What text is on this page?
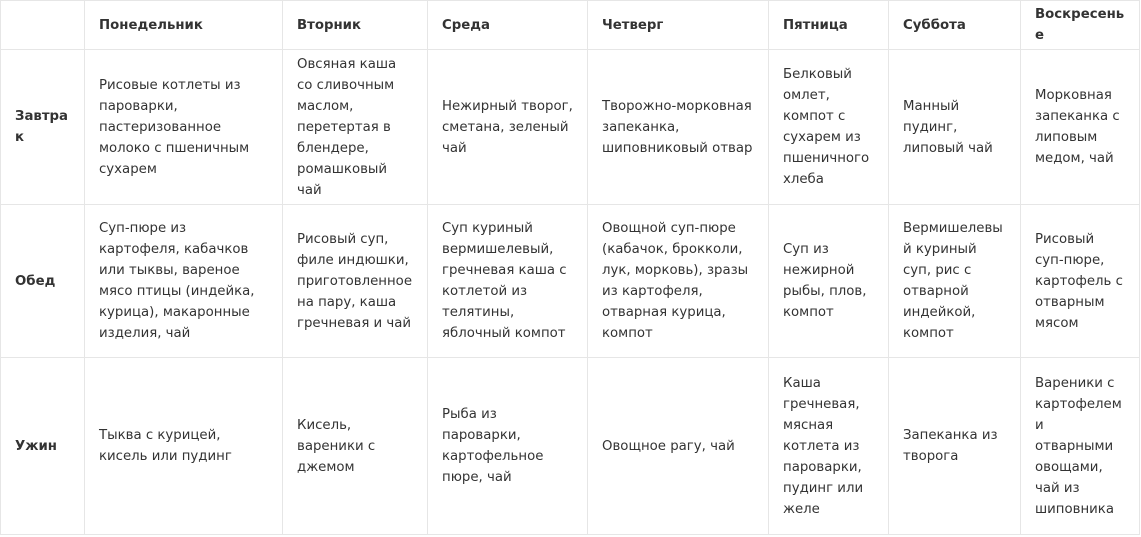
	Понедельник	Вторник	Среда	Четверг	Пятница	Суббота	Воскресенье
Завтрак	Рисовые котлеты из пароварки, пастеризованное молоко с пшеничным сухарем	Овсяная каша со сливочным маслом, перетертая в блендере, ромашковый чай	Нежирный творог, сметана, зеленый чай	Творожно-морковная запеканка, шиповниковый отвар	Белковый омлет, компот с сухарем из пшеничного хлеба	Манный пудинг, липовый чай	Морковная запеканка с липовым медом, чай
Обед	Суп-пюре из картофеля, кабачков или тыквы, вареное мясо птицы (индейка, курица), макаронные изделия, чай	Рисовый суп, филе индюшки, приготовленное на пару, каша гречневая и чай	Суп куриный вермишелевый, гречневая каша с котлетой из телятины, яблочный компот	Овощной суп-пюре (кабачок, брокколи, лук, морковь), зразы из картофеля, отварная курица, компот	Суп из нежирной рыбы, плов, компот	Вермишелевый куриный суп, рис с отварной индейкой, компот	Рисовый суп-пюре, картофель с отварным мясом
Ужин	Тыква с курицей, кисель или пудинг	Кисель, вареники с джемом	Рыба из пароварки, картофельное пюре, чай	Овощное рагу, чай	Каша гречневая, мясная котлета из пароварки, пудинг или желе	Запеканка из творога	Вареники с картофелем и отварными овощами, чай из шиповника
